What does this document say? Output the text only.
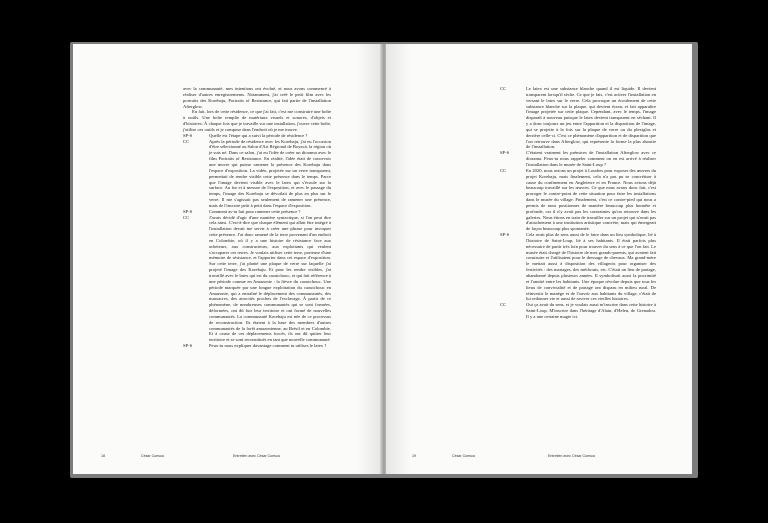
avec la communauté, mes intentions ont évolué, et nous avons commencé à réaliser d'autres enregistrements. Notamment, j'ai créé le petit film avec les portraits des Korebaju, Portraits of Resistance, qui fait partie de l'installation Afterglow.

En fait, lors de cette résidence, ce que j'ai fait, c'est me construire une boîte à outils. Une boîte remplie de matériaux visuels et sonores, d'objets et d'histoires. À chaque fois que je travaille sur une installation, j'ouvre cette boîte, j'utilise ces outils et je compose dans l'endroit où je me trouve.

SP-S	Quelle est l'étape qui a suivi la période de résidence ?
CC	Après la période de résidence avec les Korebaju, j'ai eu l'occasion d'être sélectionné au Salon d'Art Régional de Boyacá, la région où je suis né. Dans ce salon, j'ai eu l'idée de créer un diorama avec le film Portraits of Resistance. En réalité, l'idée était de concevoir une œuvre qui puisse ramener la présence des Korebaju dans l'espace d'exposition. La vidéo, projetée sur un verre transparent, permettait de rendre visible cette présence dans le temps. Parce que l'image devient visible avec le latex qui s'écoule sur la surface. Au fur et à mesure de l'exposition, et avec le passage du temps, l'image des Korebaju se dévoilait de plus en plus sur le verre. Il me s'agissait pas seulement de ramener une présence, mais de l'inscrire petit à petit dans l'espace d'exposition.
SP-S	Comment as-tu fait pour ramener cette présence ?
CC	J'avais décidé d'agir d'une manière syntactique, si l'on peut dire cela ainsi. C'est-à-dire que chaque élément qui allait être intégré à l'installation devait me servir à créer une phrase pour invoquer cette présence. J'ai donc ramené de la terre provenant d'un endroit en Colombie, où il y a une histoire de résistance face aux acheteurs, aux constructeurs, aux exploitants qui veulent s'accaparer ces terres. Je voulais utiliser cette terre, porteuse d'une mémoire de résistance, et l'apporter dans cet espace d'exposition. Sur cette terre, j'ai planté une plaque de verre sur laquelle j'ai projeté l'image des Korebaju. Et pour les rendre visibles, j'ai travaillé avec le latex qui est du caoutchouc, et qui fait référence à une période connue en Amazonie : la fièvre du caoutchouc. Une période marquée par une longue exploitation du caoutchouc en Amazonie, qui a entraîné le déplacement des communautés, des massacres, des atrocités proches de l'esclavage. À partir de ce phénomène, de nombreuses communautés qui se sont formées, déformées, ont dû fuir leur territoire et ont formé de nouvelles communautés. La communauté Korebaju est née de ce processus de reconstruction. Ils étaient à la base des membres d'autres communautés de la forêt amazonienne, au Brésil et en Colombie. Et à cause de ces déplacements forcés, ils ont dû quitter leur territoire et se sont reconstitués en tant que nouvelle communauté.
SP-S	Peux-tu nous expliquer davantage comment tu utilises le latex ?
18	César Cuesca	Entretien avec César Cuesca
CC	Le latex est une substance blanche quand il est liquide. Il devient transparent lorsqu'il sèche. Ce que je fais, c'est activer l'installation en versant le latex sur le verre. Cela provoque un écoulement de cette substance blanche sur la plaque, qui devient écran, et fait apparaître l'image projetée sur cette plaque. Cependant, avec le temps, l'image disparaît à nouveau puisque le latex devient transparent en séchant. Il y a donc toujours un jeu entre l'apparition et la disparition de l'image, qui se projette à la fois sur la plaque de verre ou du plexiglas et derrière celle-ci. C'est ce phénomène d'apparition et de disparition que l'on retrouve dans Afterglow, qui représente la forme la plus aboutie de l'installation.
SP-S	C'étaient vraiment les prémices de l'installation Afterglow avec ce diorama. Peux-tu nous rappeler comment on en est arrivé à réaliser l'installation dans le musée de Saint-Loup ?
CC	En 2020, nous avions un projet à Loudres pour exposer des œuvres du projet Korebaju, mais finalement, cela n'a pas pu se concrétiser à cause du confinement en Angleterre et en France. Nous avions déjà beaucoup travaillé sur les œuvres. Ce que nous avons donc fait, c'est proroger le contre-point de cette situation pour faire les installations dans le musée du village. Finalement, c'est ce contre-pied qui nous a permis de nous positionner de manière beaucoup plus honnête et profonde, car il n'y avait pas les contraintes qu'on retrouve dans les galeries. Nous étions en train de travailler sur un projet qui n'avait pas d'attachement à une institution artistique concrète, mais qui émergeait de façon beaucoup plus spontanée.
SP-S	Cela avait plus de sens aussi de le faire dans un lieu symbolique, lié à l'histoire de Saint-Loup, lié à ses habitants. Il était parfois plus nécessaire de partir très loin pour trouver du sens à ce que l'on fait. Le musée était chargé de l'histoire de mes grands-parents, qui avaient fait construire et l'utilisaient pour le dressage de chevaux. Ma grand-mère le mettait aussi à disposition des villageois pour organiser des festivités : des mariages, des méchouis, etc. C'était un lieu de partage, abandonné depuis plusieurs années. Il symbolisait aussi la proximité et l'amitié entre les habitants. Une époque révolue depuis que tous les lieux de convivialité et de partage ont disparu en milieu rural. De réinvestir le manège et de l'ouvrir aux habitants du village, c'était de lui redonner vie et aussi de raviver ces vieilles histoires.
CC	Oui ça avait du sens, et je voulais aussi m'inscrire dans cette histoire à Saint-Loup. M'inscrire dans l'héritage d'Alain, d'Helen, de Grenadou. Il y a une certaine magie ici.
19	César Cuesca	Entretien avec César Cuesca
